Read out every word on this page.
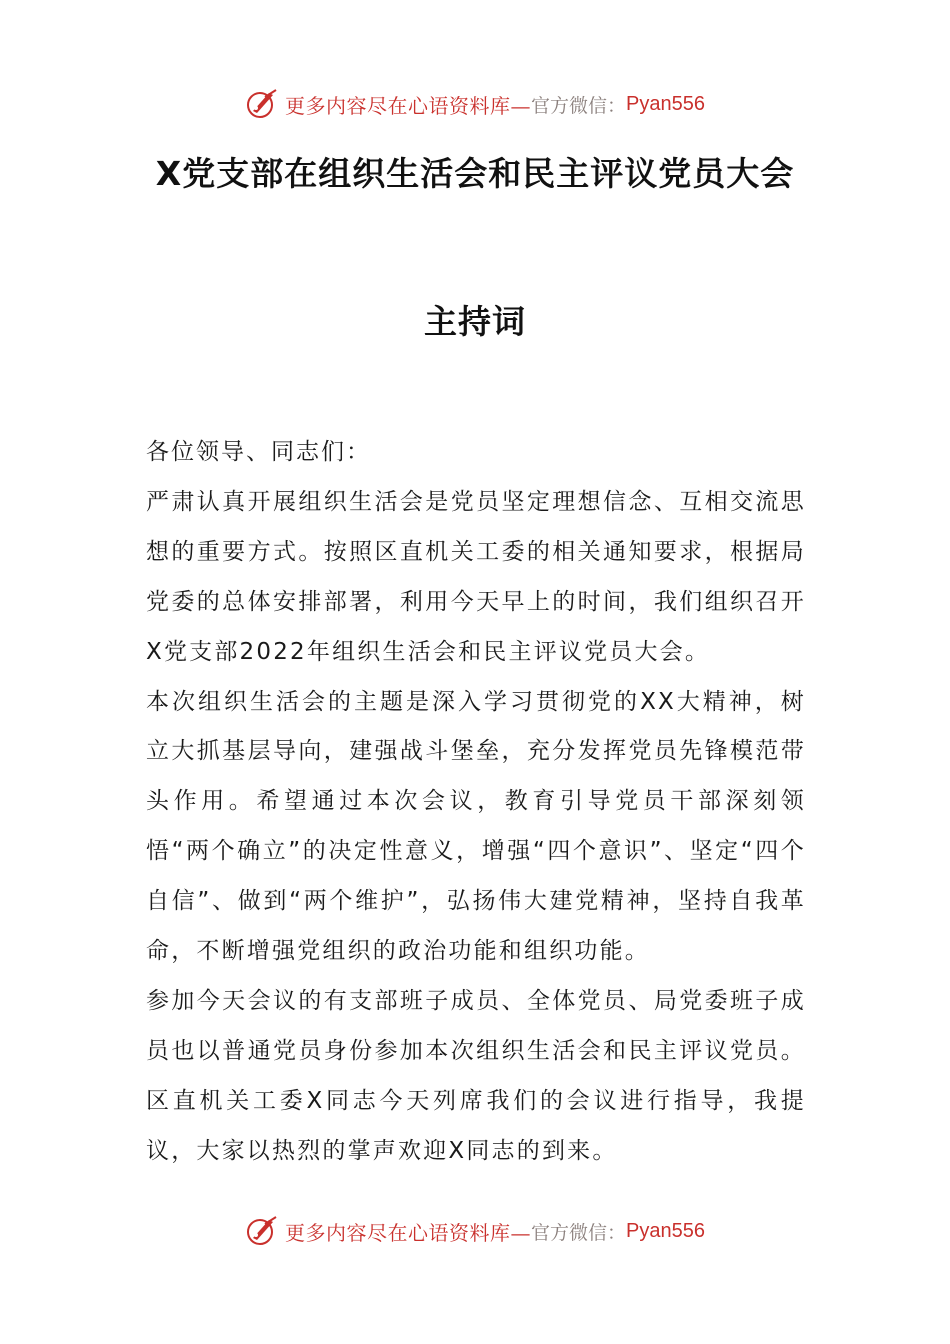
更多内容尽在心语资料库— 官方微信： Pyan556
X党支部在组织生活会和民主评议党员大会
主持词

各位领导、同志们：

严肃认真开展组织生活会是党员坚定理想信念、互相交流思想的重要方式。按照区直机关工委的相关通知要求，根据局党委的总体安排部署，利用今天早上的时间，我们组织召开X党支部2022年组织生活会和民主评议党员大会。

本次组织生活会的主题是深入学习贯彻党的XX大精神，树立大抓基层导向，建强战斗堡垒，充分发挥党员先锋模范带头作用。希望通过本次会议，教育引导党员干部深刻领悟“两个确立”的决定性意义，增强“四个意识”、坚定“四个自信”、做到“两个维护”，弘扬伟大建党精神，坚持自我革命，不断增强党组织的政治功能和组织功能。

参加今天会议的有支部班子成员、全体党员、局党委班子成员也以普通党员身份参加本次组织生活会和民主评议党员。区直机关工委X同志今天列席我们的会议进行指导，我提议，大家以热烈的掌声欢迎X同志的到来。

更多内容尽在心语资料库— 官方微信： Pyan556
